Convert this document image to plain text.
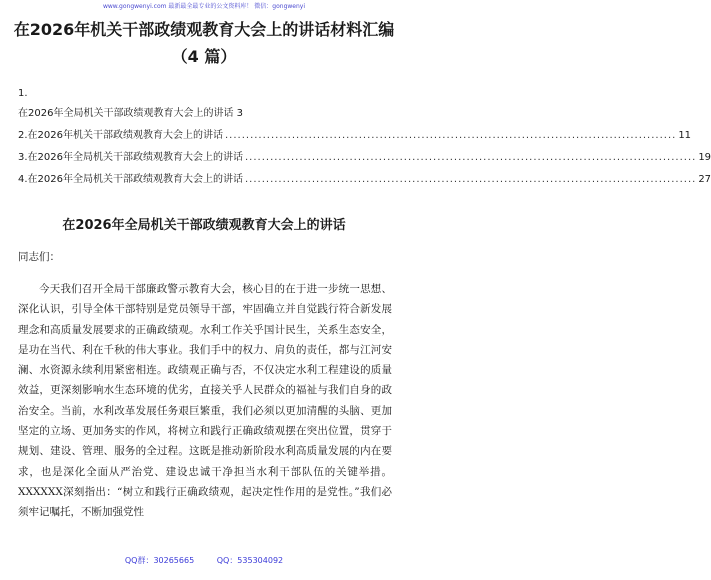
www.gongwenyi.com 最新最全最专业的公文资料库！ 微信：gongwenyi
在2026年机关干部政绩观教育大会上的讲话材料汇编
（4 篇）
1.
在2026年全局机关干部政绩观教育大会上的讲话 3
2.在2026年机关干部政绩观教育大会上的讲话 ............................................................................................................ 11
3.在2026年全局机关干部政绩观教育大会上的讲话 ............................................................................................................ 19
4.在2026年全局机关干部政绩观教育大会上的讲话 ............................................................................................................ 27
在2026年全局机关干部政绩观教育大会上的讲话
同志们：

今天我们召开全局干部廉政警示教育大会，核心目的在于进一步统一思想、深化认识，引导全体干部特别是党员领导干部，牢固确立并自觉践行符合新发展理念和高质量发展要求的正确政绩观。水利工作关乎国计民生，关系生态安全，是功在当代、利在千秋的伟大事业。我们手中的权力、肩负的责任，都与江河安澜、水资源永续利用紧密相连。政绩观正确与否，不仅决定水利工程建设的质量效益，更深刻影响水生态环境的优劣，直接关乎人民群众的福祉与我们自身的政治安全。当前，水利改革发展任务艰巨繁重，我们必须以更加清醒的头脑、更加坚定的立场、更加务实的作风，将树立和践行正确政绩观摆在突出位置，贯穿于规划、建设、管理、服务的全过程。这既是推动新阶段水利高质量发展的内在要求，也是深化全面从严治党、建设忠诚干净担当水利干部队伍的关键举措。XXXXXX深刻指出：“树立和践行正确政绩观，起决定性作用的是党性。”我们必须牢记嘱托，不断加强党性

QQ群：30265665	QQ：535304092
